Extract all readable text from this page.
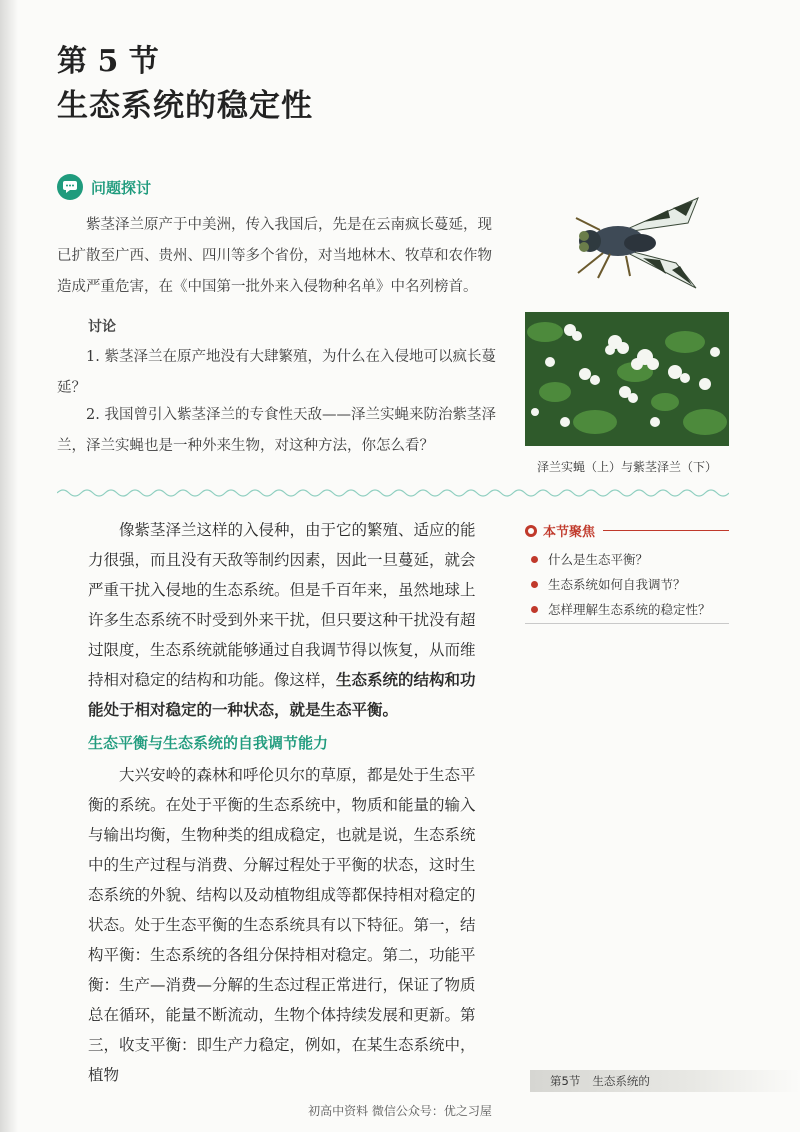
第 5 节
生态系统的稳定性
问题探讨

紫茎泽兰原产于中美洲，传入我国后，先是在云南疯长蔓延，现已扩散至广西、贵州、四川等多个省份，对当地林木、牧草和农作物造成严重危害，在《中国第一批外来入侵物种名单》中名列榜首。

讨论

1. 紫茎泽兰在原产地没有大肆繁殖，为什么在入侵地可以疯长蔓延？

2. 我国曾引入紫茎泽兰的专食性天敌——泽兰实蝇来防治紫茎泽兰，泽兰实蝇也是一种外来生物，对这种方法，你怎么看？

泽兰实蝇（上）与紫茎泽兰（下）

像紫茎泽兰这样的入侵种，由于它的繁殖、适应的能力很强，而且没有天敌等制约因素，因此一旦蔓延，就会严重干扰入侵地的生态系统。但是千百年来，虽然地球上许多生态系统不时受到外来干扰，但只要这种干扰没有超过限度，生态系统就能够通过自我调节得以恢复，从而维持相对稳定的结构和功能。像这样，生态系统的结构和功能处于相对稳定的一种状态，就是生态平衡。

生态平衡与生态系统的自我调节能力

大兴安岭的森林和呼伦贝尔的草原，都是处于生态平衡的系统。在处于平衡的生态系统中，物质和能量的输入与输出均衡，生物种类的组成稳定，也就是说，生态系统中的生产过程与消费、分解过程处于平衡的状态，这时生态系统的外貌、结构以及动植物组成等都保持相对稳定的状态。处于生态平衡的生态系统具有以下特征。第一，结构平衡：生态系统的各组分保持相对稳定。第二，功能平衡：生产—消费—分解的生态过程正常进行，保证了物质总在循环，能量不断流动，生物个体持续发展和更新。第三，收支平衡：即生产力稳定，例如，在某生态系统中，植物

本节聚焦
什么是生态平衡？
生态系统如何自我调节？
怎样理解生态系统的稳定性？
第5节 生态系统的
初高中资料 微信公众号：优之习屋
